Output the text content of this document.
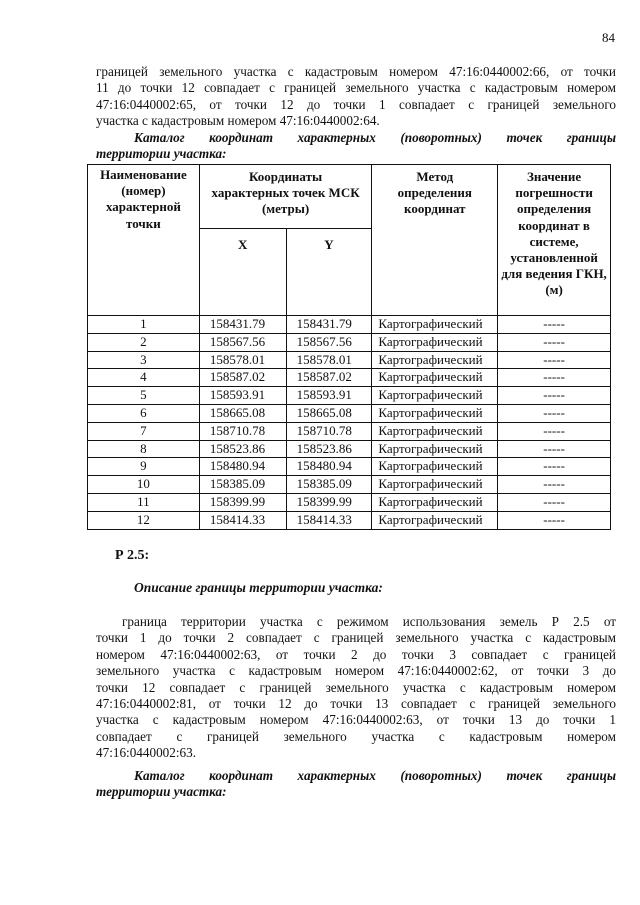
84
границей земельного участка с кадастровым номером 47:16:0440002:66, от точки
11 до точки 12 совпадает с границей земельного участка с кадастровым номером
47:16:0440002:65, от точки 12 до точки 1 совпадает с границей земельного
участка с кадастровым номером 47:16:0440002:64.
Каталог координат характерных (поворотных) точек границы
территории участка:
Наименование (номер) характерной точки	Координаты характерных точек МСК (метры)		Метод определения координат	Значение погрешности определения координат в системе, установленной для ведения ГКН, (м)
	X	Y		
1	158431.79	158431.79	Картографический	-----
2	158567.56	158567.56	Картографический	-----
3	158578.01	158578.01	Картографический	-----
4	158587.02	158587.02	Картографический	-----
5	158593.91	158593.91	Картографический	-----
6	158665.08	158665.08	Картографический	-----
7	158710.78	158710.78	Картографический	-----
8	158523.86	158523.86	Картографический	-----
9	158480.94	158480.94	Картографический	-----
10	158385.09	158385.09	Картографический	-----
11	158399.99	158399.99	Картографический	-----
12	158414.33	158414.33	Картографический	-----
Р 2.5:
Описание границы территории участка:
граница территории участка с режимом использования земель Р 2.5 от
точки 1 до точки 2 совпадает с границей земельного участка с кадастровым
номером 47:16:0440002:63, от точки 2 до точки 3 совпадает с границей
земельного участка с кадастровым номером 47:16:0440002:62, от точки 3 до
точки 12 совпадает с границей земельного участка с кадастровым номером
47:16:0440002:81, от точки 12 до точки 13 совпадает с границей земельного
участка с кадастровым номером 47:16:0440002:63, от точки 13 до точки 1
совпадает с границей земельного участка с кадастровым номером
47:16:0440002:63.
Каталог координат характерных (поворотных) точек границы
территории участка:
